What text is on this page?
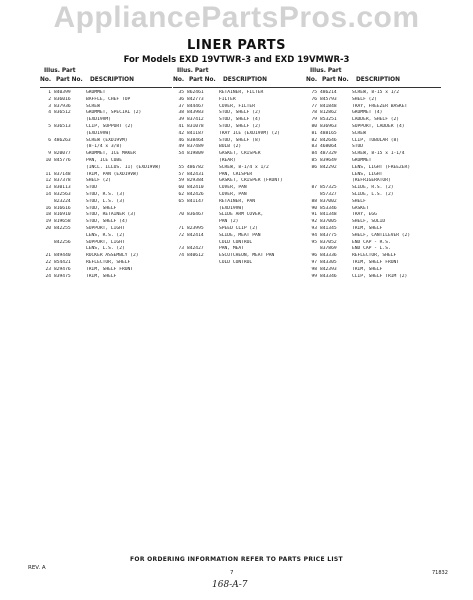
AppliancePartsPros.com
LINER PARTS
For Models EXD 19VTWR-3 and EXD 19VMWR-3
Illus. Part
No. Part No. DESCRIPTION
1 840399	GROMMET
2 836016	BAFFLE, CHEF TOP
3 837936	SCREW
4 836512	GROMMET, SPECIAL (2)
(EXD19VM)
5 836513	CLIP, SUPPORT (2)
(EXD19VW)
6 486263	SCREW (EXD19VM)
(8-1/4 x 3/8)
9 820077	GROMMET, ICE MAKER
10 845776	PAN, ICE CUBE
(INCL. ILLUS. 11) (EXD19VW)
11 837148	TRIM, PAN (EXD19VW)
12 837378	SHELF (2)
13 830113	STUD
14 832563	STUD, R.S. (3)
823224	STUD, L.S. (3)
16 816616	STUD, SHELF
18 816910	STUD, RETAINER (3)
19 819658	STUD, SHELF (4)
20 842255	SUPPORT, LIGHT
LENS, R.S. (2)
842256	SUPPORT, LIGHT
LENS, L.S. (2)
21 849440	ROCKER ASSEMBLY (2)
22 854421	REFLECTOR, SHELF
23 829476	TRIM, SHELF FRONT
24 839475	TRIM, SHELF
Illus. Part
No. Part No. DESCRIPTION
35 862461	RETAINER, FILTER
36 842773	FILTER
37 844467	COVER, FILTER
38 843983	STUD, SHELF (2)
39 837412	STUD, SHELF (4)
41 831078	STUD, SHELF (2)
42 841187	TRAY ICE (EXD19VM) (2)
46 838464	STUD, SHELF (8)
49 837489	BULB (2)
54 819809	GASKET, CRISPER
(REAR)
55 486782	SCREW, 8-1/4 x 1/2
57 842431	PAN, CRISPER
59 829384	GASKET, CRISPER (FRONT)
60 842410	COVER, PAN
62 842426	COVER, PAN
65 841147	RETAINER, PAN
(EXD19VW)
70 836467	SLIDE ARM COVER,
PAN (2)
71 823995	SPEED CLIP (2)
72 842414	SLIDE, MEAT PAN
COLD CONTROL
73 842427	PAN, MEAT
74 840612	ESCUTCHEON, MEAT PAN
COLD CONTROL
Illus. Part
No. Part No. DESCRIPTION
75 486214	SCREW, 8-15 x 1/2
76 845793	SHELF (2)
77 841848	TRAY, FREEZER BASKET
78 812862	GROMMET (4)
79 853251	LADDER, SHELF (2)
80 836963	SUPPORT, LADDER (4)
81 488165	SCREW
82 842646	CLIP, TUBULAR (8)
83 468064	STUD
84 487329	SCREW, 8-15 x 1-1/4
85 839649	GROMMET
86 842292	LENS, LIGHT (FREEZER)
LENS, LIGHT
(REFRIGERATOR)
87 857325	SLIDE, R.S. (2)
857327	SLIDE, L.S. (2)
88 837002	SHELF
90 853346	GASKET
91 841348	TRAY, EGG
92 837005	SHELF, SOLID
93 841345	TRIM, SHELF
94 843775	SHELF, CANTILEVER (2)
95 837052	END CAP - R.S.
837869	END CAP - L.S.
96 843336	REFLECTOR, SHELF
97 843305	TRIM, SHELF FRONT
98 842393	TRIM, SHELF
99 843346	CLIP, SHELF TRIM (2)
FOR ORDERING INFORMATION REFER TO PARTS PRICE LIST
REV. A
7	71832
168-A-7
